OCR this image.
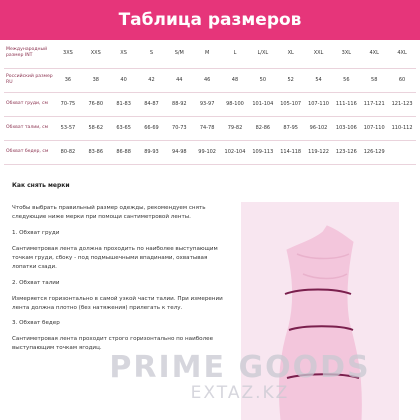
Таблица размеров
Международный размер INT	3XS	XXS	XS	S	S/M	M	L	L/XL	XL	XXL	3XL	4XL	4XL
Российский размер RU	36	38	40	42	44	46	48	50	52	54	56	58	60
Обхват груди, см	70-75	76-80	81-83	84-87	88-92	93-97	98-100	101-104	105-107	107-110	111-116	117-121	121-123
Обхват талии, см	53-57	58-62	63-65	66-69	70-73	74-78	79-82	82-86	87-95	96-102	103-106	107-110	110-112
Обхват бедер, см	80-82	83-86	86-88	89-93	94-98	99-102	102-104	109-113	114-118	119-122	123-126	126-129	
Как снять мерки

Чтобы выбрать правильный размер одежды, рекомендуем снять следующие ниже мерки при помощи сантиметровой ленты.

1. Обхват груди

Сантиметровая лента должна проходить по наиболее выступающим точкам груди, сбоку - под подмышечными впадинами, охватывая лопатки сзади.

2. Обхват талии

Измеряется горизонтально в самой узкой части талии. При измерении лента должна плотно (без натяжения) прилегать к телу.

3. Обхват бедер

Сантиметровая лента проходит строго горизонтально по наиболее выступающим точкам ягодиц.

PRIME GOODS
EXTAZ.KZ
